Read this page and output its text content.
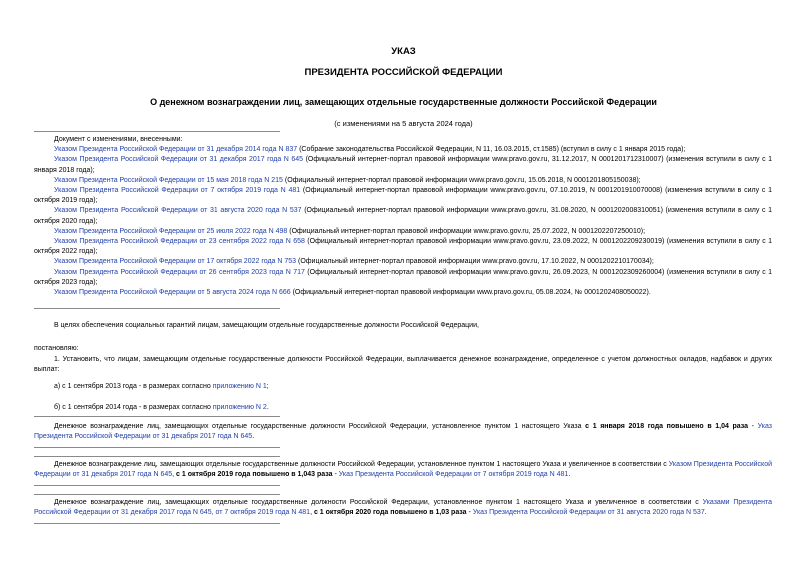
УКАЗ
ПРЕЗИДЕНТА РОССИЙСКОЙ ФЕДЕРАЦИИ
О денежном вознаграждении лиц, замещающих отдельные государственные должности Российской Федерации
(с изменениями на 5 августа 2024 года)
Документ с изменениями, внесенными:
Указом Президента Российской Федерации от 31 декабря 2014 года N 837 (Собрание законодательства Российской Федерации, N 11, 16.03.2015, ст.1585) (вступил в силу с 1 января 2015 года);
Указом Президента Российской Федерации от 31 декабря 2017 года N 645 (Официальный интернет-портал правовой информации www.pravo.gov.ru, 31.12.2017, N 0001201712310007) (изменения вступили в силу с 1 января 2018 года);
Указом Президента Российской Федерации от 15 мая 2018 года N 215 (Официальный интернет-портал правовой информации www.pravo.gov.ru, 15.05.2018, N 0001201805150038);
Указом Президента Российской Федерации от 7 октября 2019 года N 481 (Официальный интернет-портал правовой информации www.pravo.gov.ru, 07.10.2019, N 0001201910070008) (изменения вступили в силу с 1 октября 2019 года);
Указом Президента Российской Федерации от 31 августа 2020 года N 537 (Официальный интернет-портал правовой информации www.pravo.gov.ru, 31.08.2020, N 0001202008310051) (изменения вступили в силу с 1 октября 2020 года);
Указом Президента Российской Федерации от 25 июля 2022 года N 498 (Официальный интернет-портал правовой информации www.pravo.gov.ru, 25.07.2022, N 0001202207250010);
Указом Президента Российской Федерации от 23 сентября 2022 года N 658 (Официальный интернет-портал правовой информации www.pravo.gov.ru, 23.09.2022, N 0001202209230019) (изменения вступили в силу с 1 октября 2022 года);
Указом Президента Российской Федерации от 17 октября 2022 года N 753 (Официальный интернет-портал правовой информации www.pravo.gov.ru, 17.10.2022, N 0001202210170034);
Указом Президента Российской Федерации от 26 сентября 2023 года N 717 (Официальный интернет-портал правовой информации www.pravo.gov.ru, 26.09.2023, N 0001202309260004) (изменения вступили в силу с 1 октября 2023 года);
Указом Президента Российской Федерации от 5 августа 2024 года N 666 (Официальный интернет-портал правовой информации www.pravo.gov.ru, 05.08.2024, № 0001202408050022).
В целях обеспечения социальных гарантий лицам, замещающим отдельные государственные должности Российской Федерации,
постановляю:
1. Установить, что лицам, замещающим отдельные государственные должности Российской Федерации, выплачивается денежное вознаграждение, определенное с учетом должностных окладов, надбавок и других выплат:
а) с 1 сентября 2013 года - в размерах согласно приложению N 1;
б) с 1 сентября 2014 года - в размерах согласно приложению N 2.
Денежное вознаграждение лиц, замещающих отдельные государственные должности Российской Федерации, установленное пунктом 1 настоящего Указа с 1 января 2018 года повышено в 1,04 раза - Указ Президента Российской Федерации от 31 декабря 2017 года N 645.
Денежное вознаграждение лиц, замещающих отдельные государственные должности Российской Федерации, установленное пунктом 1 настоящего Указа и увеличенное в соответствии с Указом Президента Российской Федерации от 31 декабря 2017 года N 645, с 1 октября 2019 года повышено в 1,043 раза - Указ Президента Российской Федерации от 7 октября 2019 года N 481.
Денежное вознаграждение лиц, замещающих отдельные государственные должности Российской Федерации, установленное пунктом 1 настоящего Указа и увеличенное в соответствии с Указами Президента Российской Федерации от 31 декабря 2017 года N 645, от 7 октября 2019 года N 481, с 1 октября 2020 года повышено в 1,03 раза - Указ Президента Российской Федерации от 31 августа 2020 года N 537.
